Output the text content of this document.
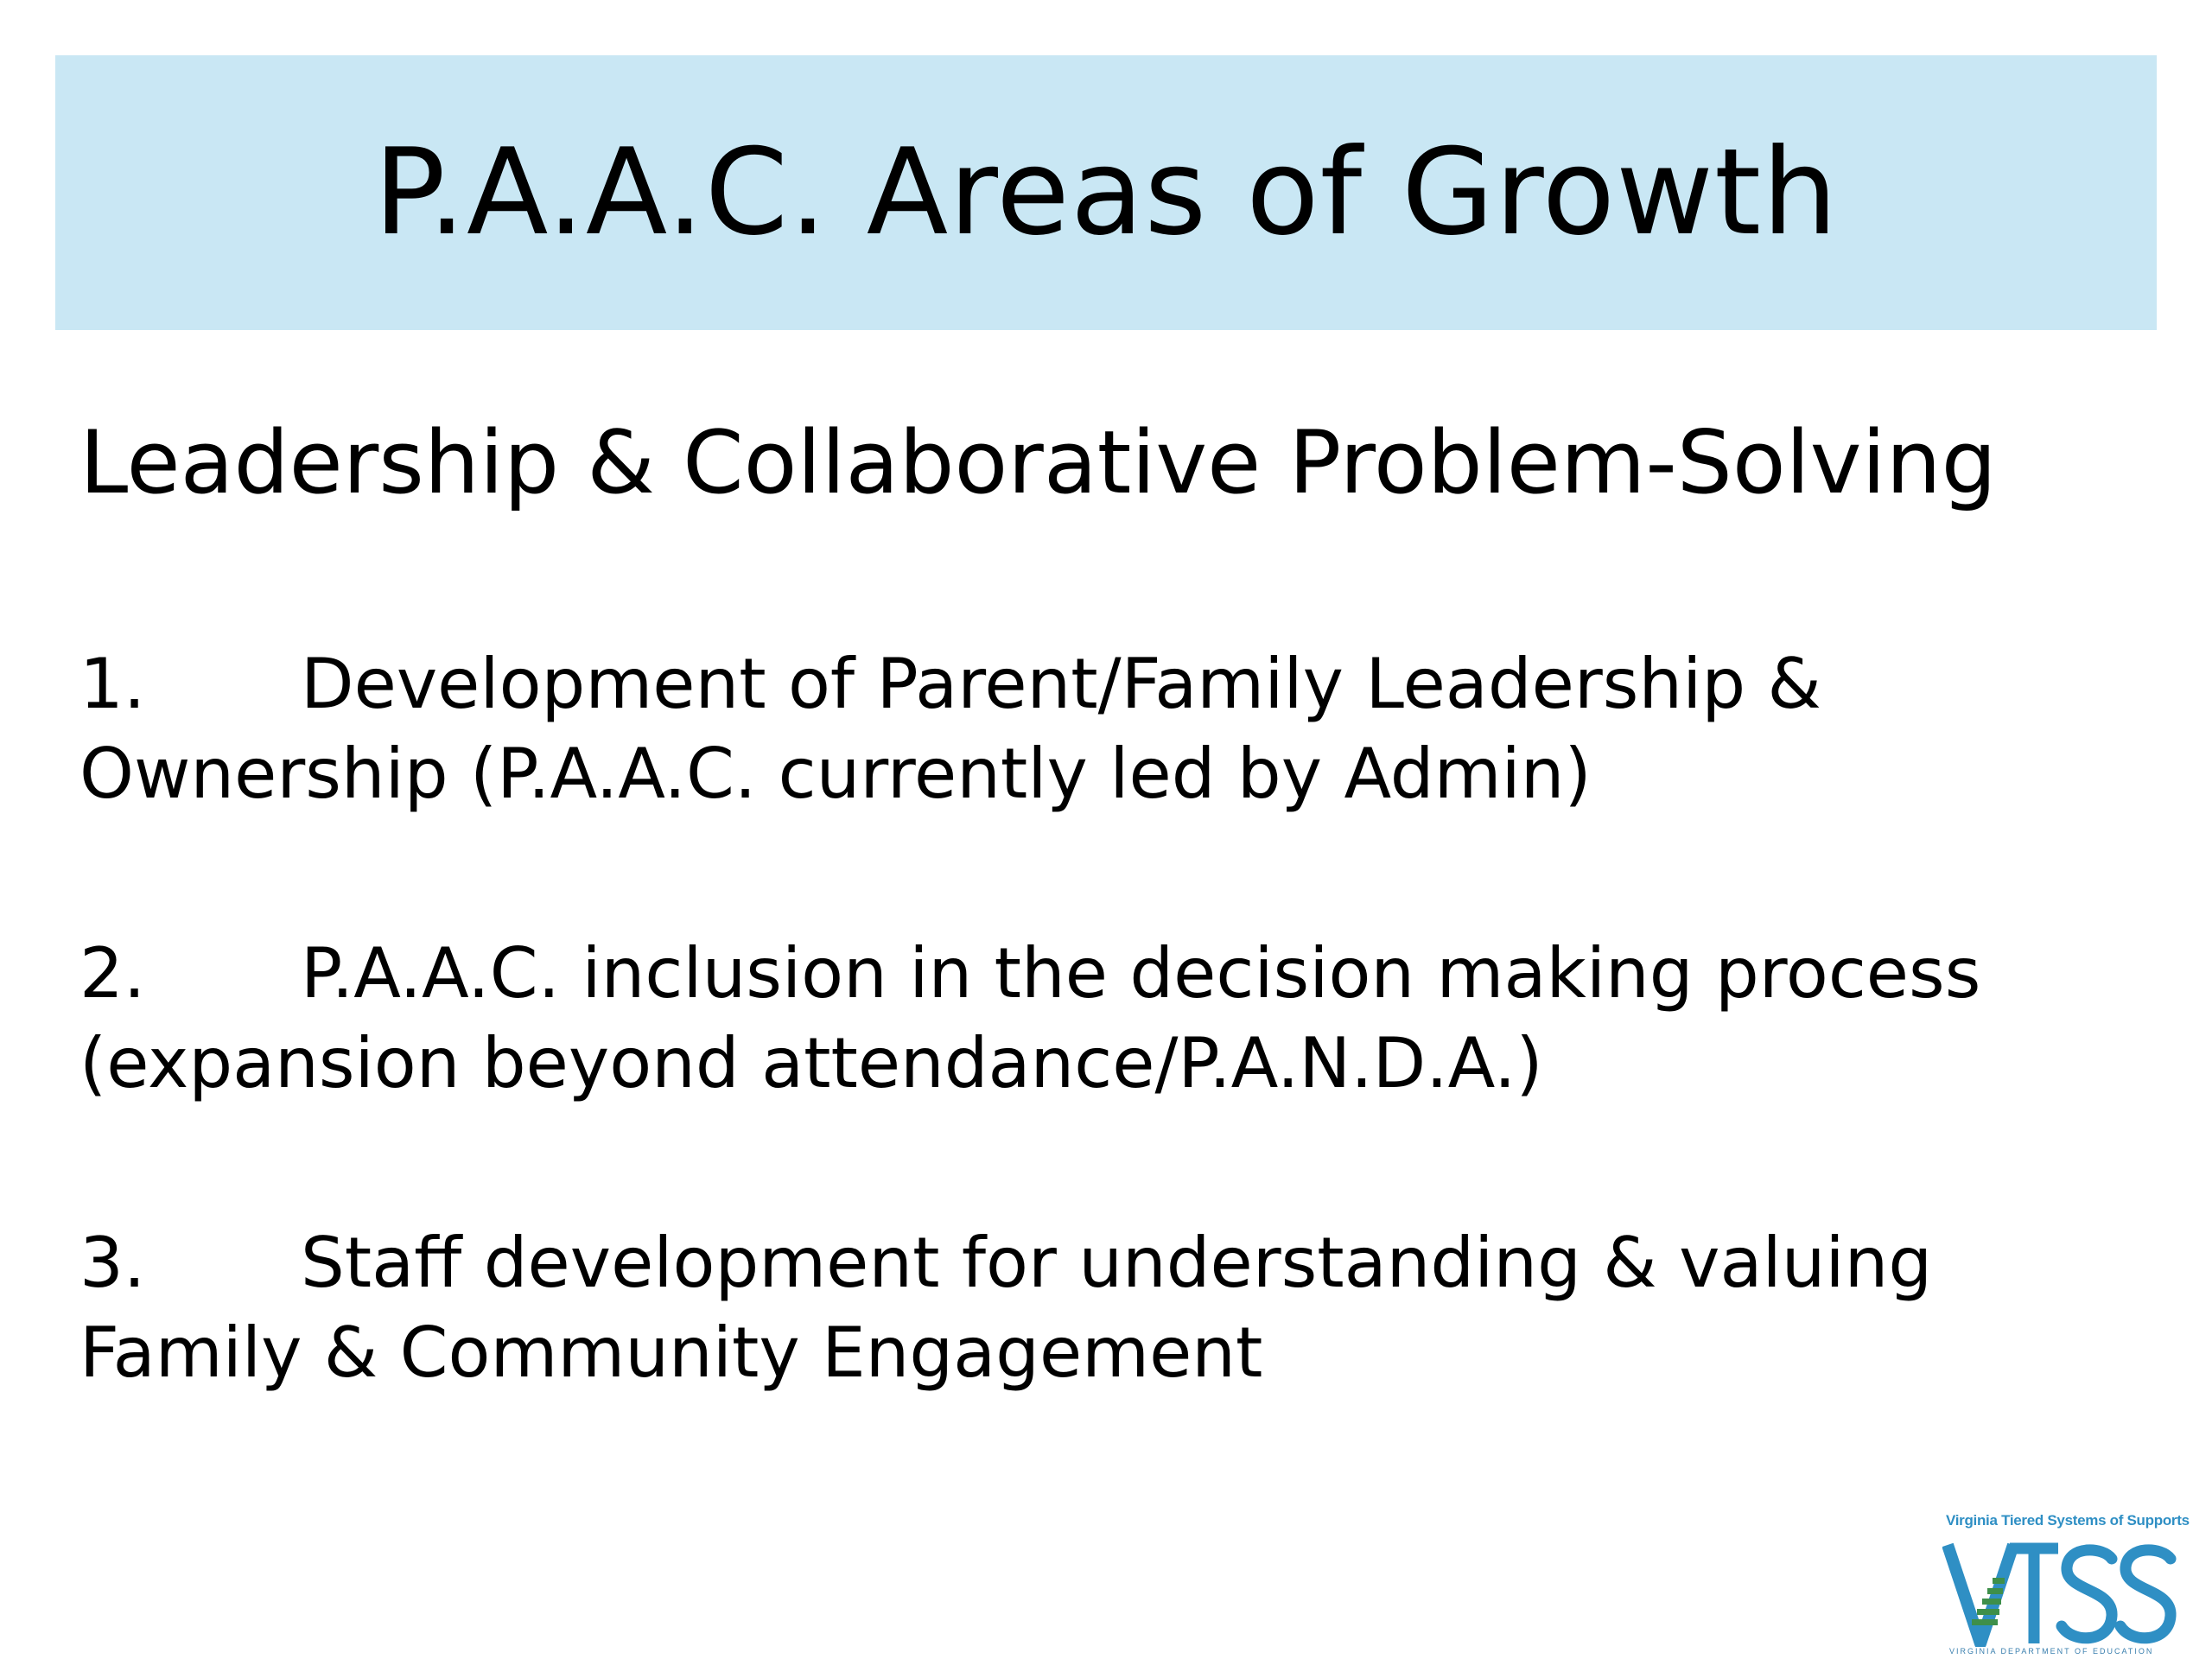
P.A.A.C. Areas of Growth
Leadership & Collaborative Problem-Solving
1. Development of Parent/Family Leadership &
Ownership (P.A.A.C. currently led by Admin)
2. P.A.A.C. inclusion in the decision making process
(expansion beyond attendance/P.A.N.D.A.)
3. Staff development for understanding & valuing
Family & Community Engagement

Virginia Tiered Systems of Supports

VTSS

VIRGINIA DEPARTMENT OF EDUCATION
